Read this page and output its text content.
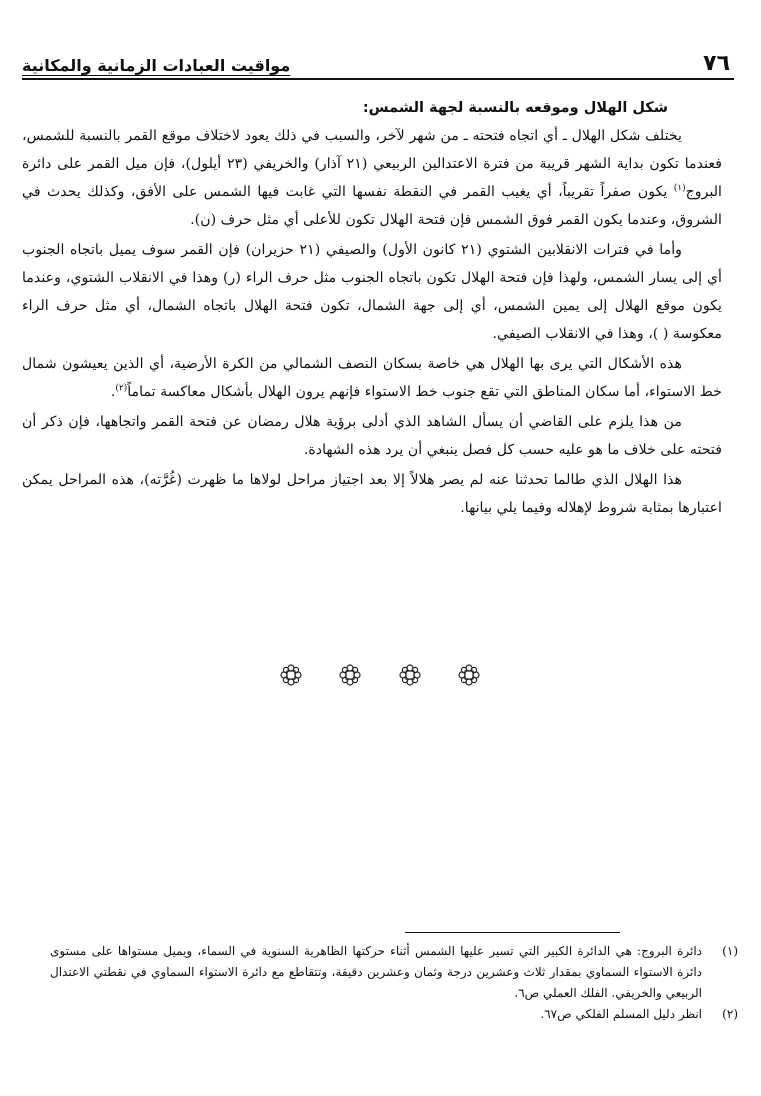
مواقيت العبادات الزمانية والمكانية	٧٦

شكل الهلال وموقعه بالنسبة لجهة الشمس:

يختلف شكل الهلال ـ أي اتجاه فتحته ـ من شهر لآخر، والسبب في ذلك يعود لاختلاف موقع القمر بالنسبة للشمس، فعندما تكون بداية الشهر قريبة من فترة الاعتدالين الربيعي (٢١ آذار) والخريفي (٢٣ أيلول)، فإن ميل القمر على دائرة البروج$^{(١)}$ يكون صفراً تقريباً، أي يغيب القمر في النقطة نفسها التي غابت فيها الشمس على الأفق، وكذلك يحدث في الشروق، وعندما يكون القمر فوق الشمس فإن فتحة الهلال تكون للأعلى أي مثل حرف (ن).

وأما في فترات الانقلابين الشتوي (٢١ كانون الأول) والصيفي (٢١ حزيران) فإن القمر سوف يميل باتجاه الجنوب أي إلى يسار الشمس، ولهذا فإن فتحة الهلال تكون باتجاه الجنوب مثل حرف الراء (ر) وهذا في الانقلاب الشتوي، وعندما يكون موقع الهلال إلى يمين الشمس، أي إلى جهة الشمال، تكون فتحة الهلال باتجاه الشمال، أي مثل حرف الراء معكوسة ( )، وهذا في الانقلاب الصيفي.

هذه الأشكال التي يرى بها الهلال هي خاصة بسكان النصف الشمالي من الكرة الأرضية، أي الذين يعيشون شمال خط الاستواء، أما سكان المناطق التي تقع جنوب خط الاستواء فإنهم يرون الهلال بأشكال معاكسة تماماً$^{(٢)}$.

من هذا يلزم على القاضي أن يسأل الشاهد الذي أدلى برؤية هلال رمضان عن فتحة القمر واتجاهها، فإن ذكر أن فتحته على خلاف ما هو عليه حسب كل فصل ينبغي أن يرد هذه الشهادة.

هذا الهلال الذي طالما تحدثنا عنه لم يصر هلالاً إلا بعد اجتياز مراحل لولاها ما ظهرت (غُرَّته)، هذه المراحل يمكن اعتبارها بمثابة شروط لإهلاله وفيما يلي بيانها.

(١)
دائرة البروج: هي الدائرة الكبير التي تسير عليها الشمس أثناء حركتها الظاهرية السنوية في السماء، ويميل مستواها على مستوى دائرة الاستواء السماوي بمقدار ثلاث وعشرين درجة وثمان وعشرين دقيقة، وتتقاطع مع دائرة الاستواء السماوي في نقطتي الاعتدال الربيعي والخريفي. الفلك العملي ص٦.
(٢)
انظر دليل المسلم الفلكي ص٦٧.
